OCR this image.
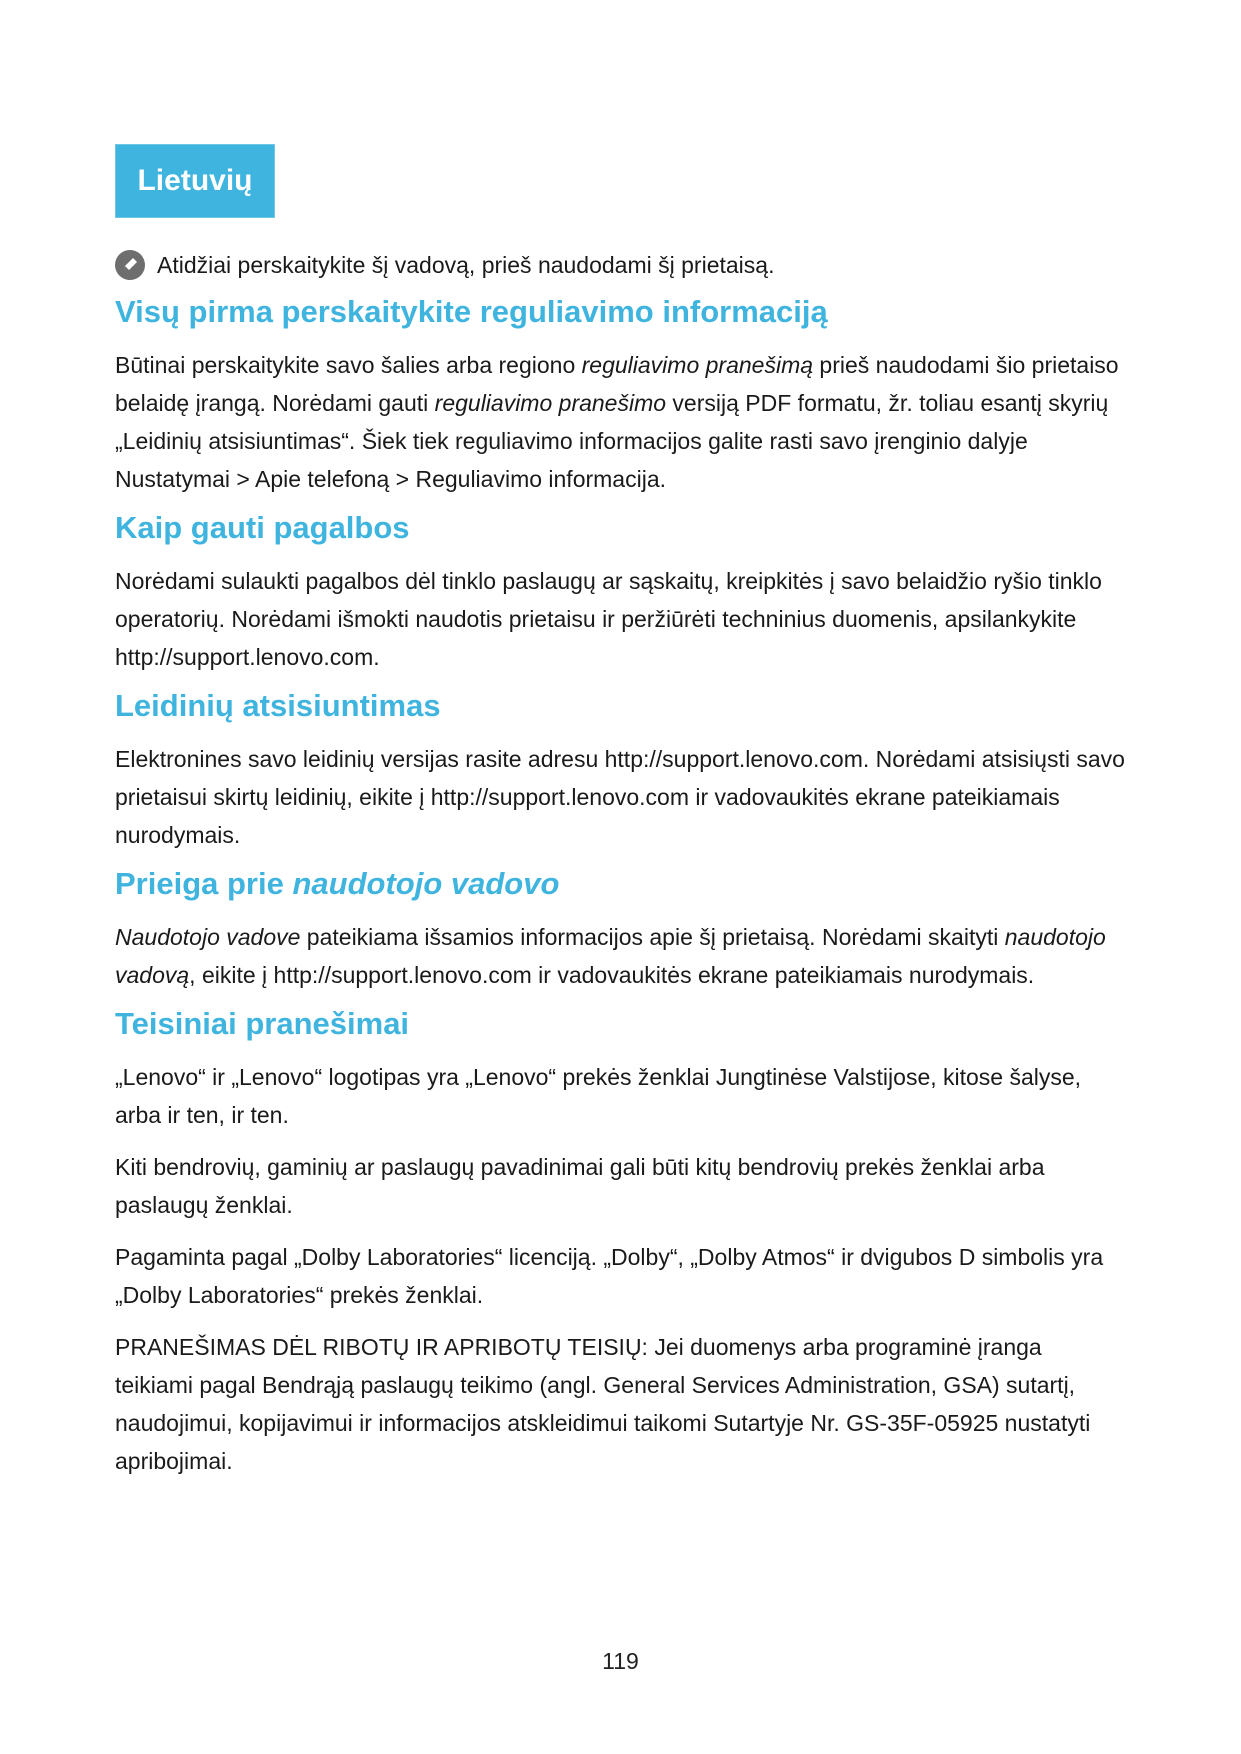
Lietuvių
Atidžiai perskaitykite šį vadovą, prieš naudodami šį prietaisą.
Visų pirma perskaitykite reguliavimo informaciją

Būtinai perskaitykite savo šalies arba regiono reguliavimo pranešimą prieš naudodami šio prietaiso belaidę įrangą. Norėdami gauti reguliavimo pranešimo versiją PDF formatu, žr. toliau esantį skyrių „Leidinių atsisiuntimas“. Šiek tiek reguliavimo informacijos galite rasti savo įrenginio dalyje Nustatymai > Apie telefoną > Reguliavimo informacija.

Kaip gauti pagalbos

Norėdami sulaukti pagalbos dėl tinklo paslaugų ar sąskaitų, kreipkitės į savo belaidžio ryšio tinklo operatorių. Norėdami išmokti naudotis prietaisu ir peržiūrėti techninius duomenis, apsilankykite http://support.lenovo.com.

Leidinių atsisiuntimas

Elektronines savo leidinių versijas rasite adresu http://support.lenovo.com. Norėdami atsisiųsti savo prietaisui skirtų leidinių, eikite į http://support.lenovo.com ir vadovaukitės ekrane pateikiamais nurodymais.

Prieiga prie naudotojo vadovo

Naudotojo vadove pateikiama išsamios informacijos apie šį prietaisą. Norėdami skaityti naudotojo vadovą, eikite į http://support.lenovo.com ir vadovaukitės ekrane pateikiamais nurodymais.

Teisiniai pranešimai

„Lenovo“ ir „Lenovo“ logotipas yra „Lenovo“ prekės ženklai Jungtinėse Valstijose, kitose šalyse, arba ir ten, ir ten.

Kiti bendrovių, gaminių ar paslaugų pavadinimai gali būti kitų bendrovių prekės ženklai arba paslaugų ženklai.

Pagaminta pagal „Dolby Laboratories“ licenciją. „Dolby“, „Dolby Atmos“ ir dvigubos D simbolis yra „Dolby Laboratories“ prekės ženklai.

PRANEŠIMAS DĖL RIBOTŲ IR APRIBOTŲ TEISIŲ: Jei duomenys arba programinė įranga teikiami pagal Bendrąją paslaugų teikimo (angl. General Services Administration, GSA) sutartį, naudojimui, kopijavimui ir informacijos atskleidimui taikomi Sutartyje Nr. GS-35F-05925 nustatyti apribojimai.

119
